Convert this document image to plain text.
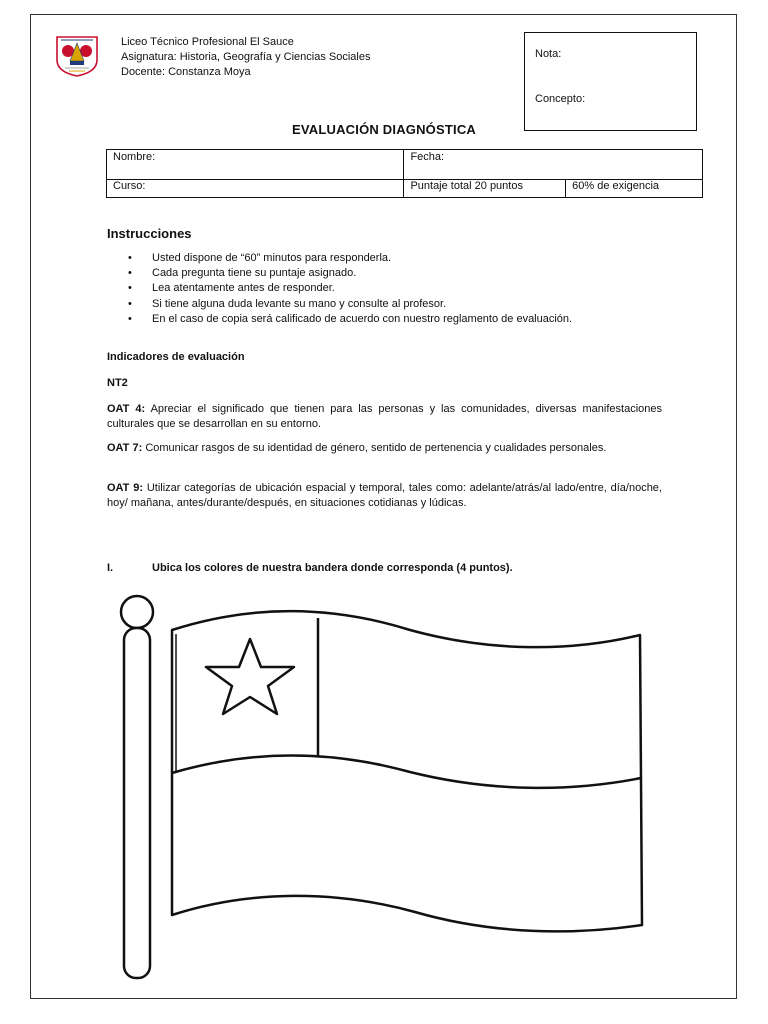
Liceo Técnico Profesional El Sauce
Asignatura: Historia, Geografía y Ciencias Sociales
Docente: Constanza Moya
Nota:
Concepto:
EVALUACIÓN DIAGNÓSTICA
Nombre:	Fecha:	
Curso:	Puntaje total 20 puntos	60% de exigencia
Instrucciones
• Usted dispone de “60” minutos para responderla.
• Cada pregunta tiene su puntaje asignado.
• Lea atentamente antes de responder.
• Si tiene alguna duda levante su mano y consulte al profesor.
• En el caso de copia será calificado de acuerdo con nuestro reglamento de evaluación.
Indicadores de evaluación
NT2
OAT 4: Apreciar el significado que tienen para las personas y las comunidades, diversas manifestaciones culturales que se desarrollan en su entorno.
OAT 7: Comunicar rasgos de su identidad de género, sentido de pertenencia y cualidades personales.
OAT 9: Utilizar categorías de ubicación espacial y temporal, tales como: adelante/atrás/al lado/entre, día/noche, hoy/ mañana, antes/durante/después, en situaciones cotidianas y lúdicas.
I.	Ubica los colores de nuestra bandera donde corresponda (4 puntos).
